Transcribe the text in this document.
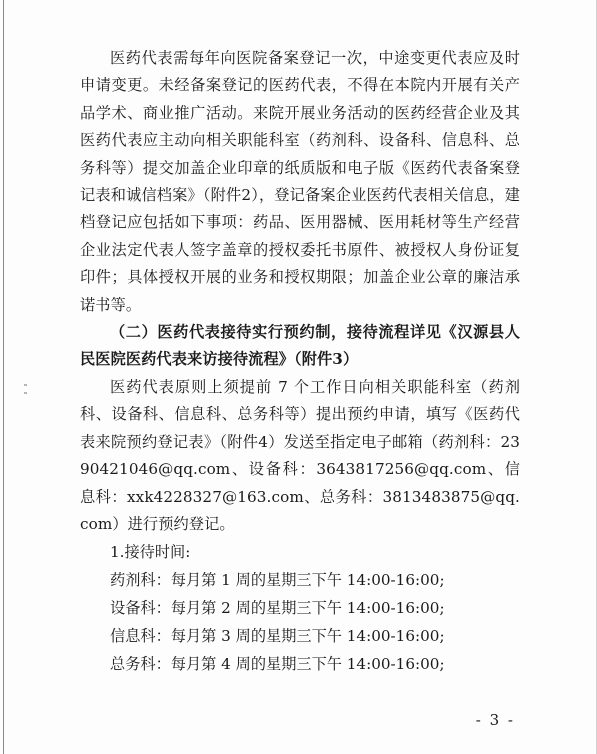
医药代表需每年向医院备案登记一次，中途变更代表应及时申请变更。未经备案登记的医药代表，不得在本院内开展有关产品学术、商业推广活动。来院开展业务活动的医药经营企业及其医药代表应主动向相关职能科室（药剂科、设备科、信息科、总务科等）提交加盖企业印章的纸质版和电子版《医药代表备案登记表和诚信档案》（附件2），登记备案企业医药代表相关信息，建档登记应包括如下事项：药品、医用器械、医用耗材等生产经营企业法定代表人签字盖章的授权委托书原件、被授权人身份证复印件；具体授权开展的业务和授权期限；加盖企业公章的廉洁承诺书等。

（二）医药代表接待实行预约制，接待流程详见《汉源县人民医院医药代表来访接待流程》（附件3）

医药代表原则上须提前 7 个工作日向相关职能科室（药剂科、设备科、信息科、总务科等）提出预约申请，填写《医药代表来院预约登记表》（附件4）发送至指定电子邮箱（药剂科：2390421046@qq.com、设备科：3643817256@qq.com、信息科：xxk4228327@163.com、总务科：3813483875@qq.com）进行预约登记。

1.接待时间:

药剂科：每月第 1 周的星期三下午 14:00-16:00;

设备科：每月第 2 周的星期三下午 14:00-16:00;

信息科：每月第 3 周的星期三下午 14:00-16:00;

总务科：每月第 4 周的星期三下午 14:00-16:00;

- 3 -
